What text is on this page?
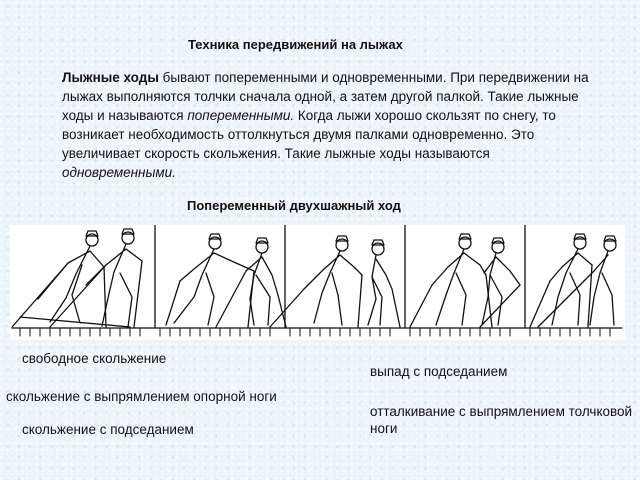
Техника передвижений на лыжах
Лыжные ходы бывают попеременными и одновременными. При передвижении на лыжах выполняются толчки сначала одной, а затем другой палкой. Такие лыжные ходы и называются попеременными. Когда лыжи хорошо скользят по снегу, то возникает необходимость оттолкнуться двумя палками одновременно. Это увеличивает скорость скольжения. Такие лыжные ходы называются одновременными.
Попеременный двухшажный ход
свободное скольжение
скольжение с выпрямлением опорной ноги
скольжение с подседанием
выпад с подседанием
отталкивание с выпрямлением толчковой ноги
